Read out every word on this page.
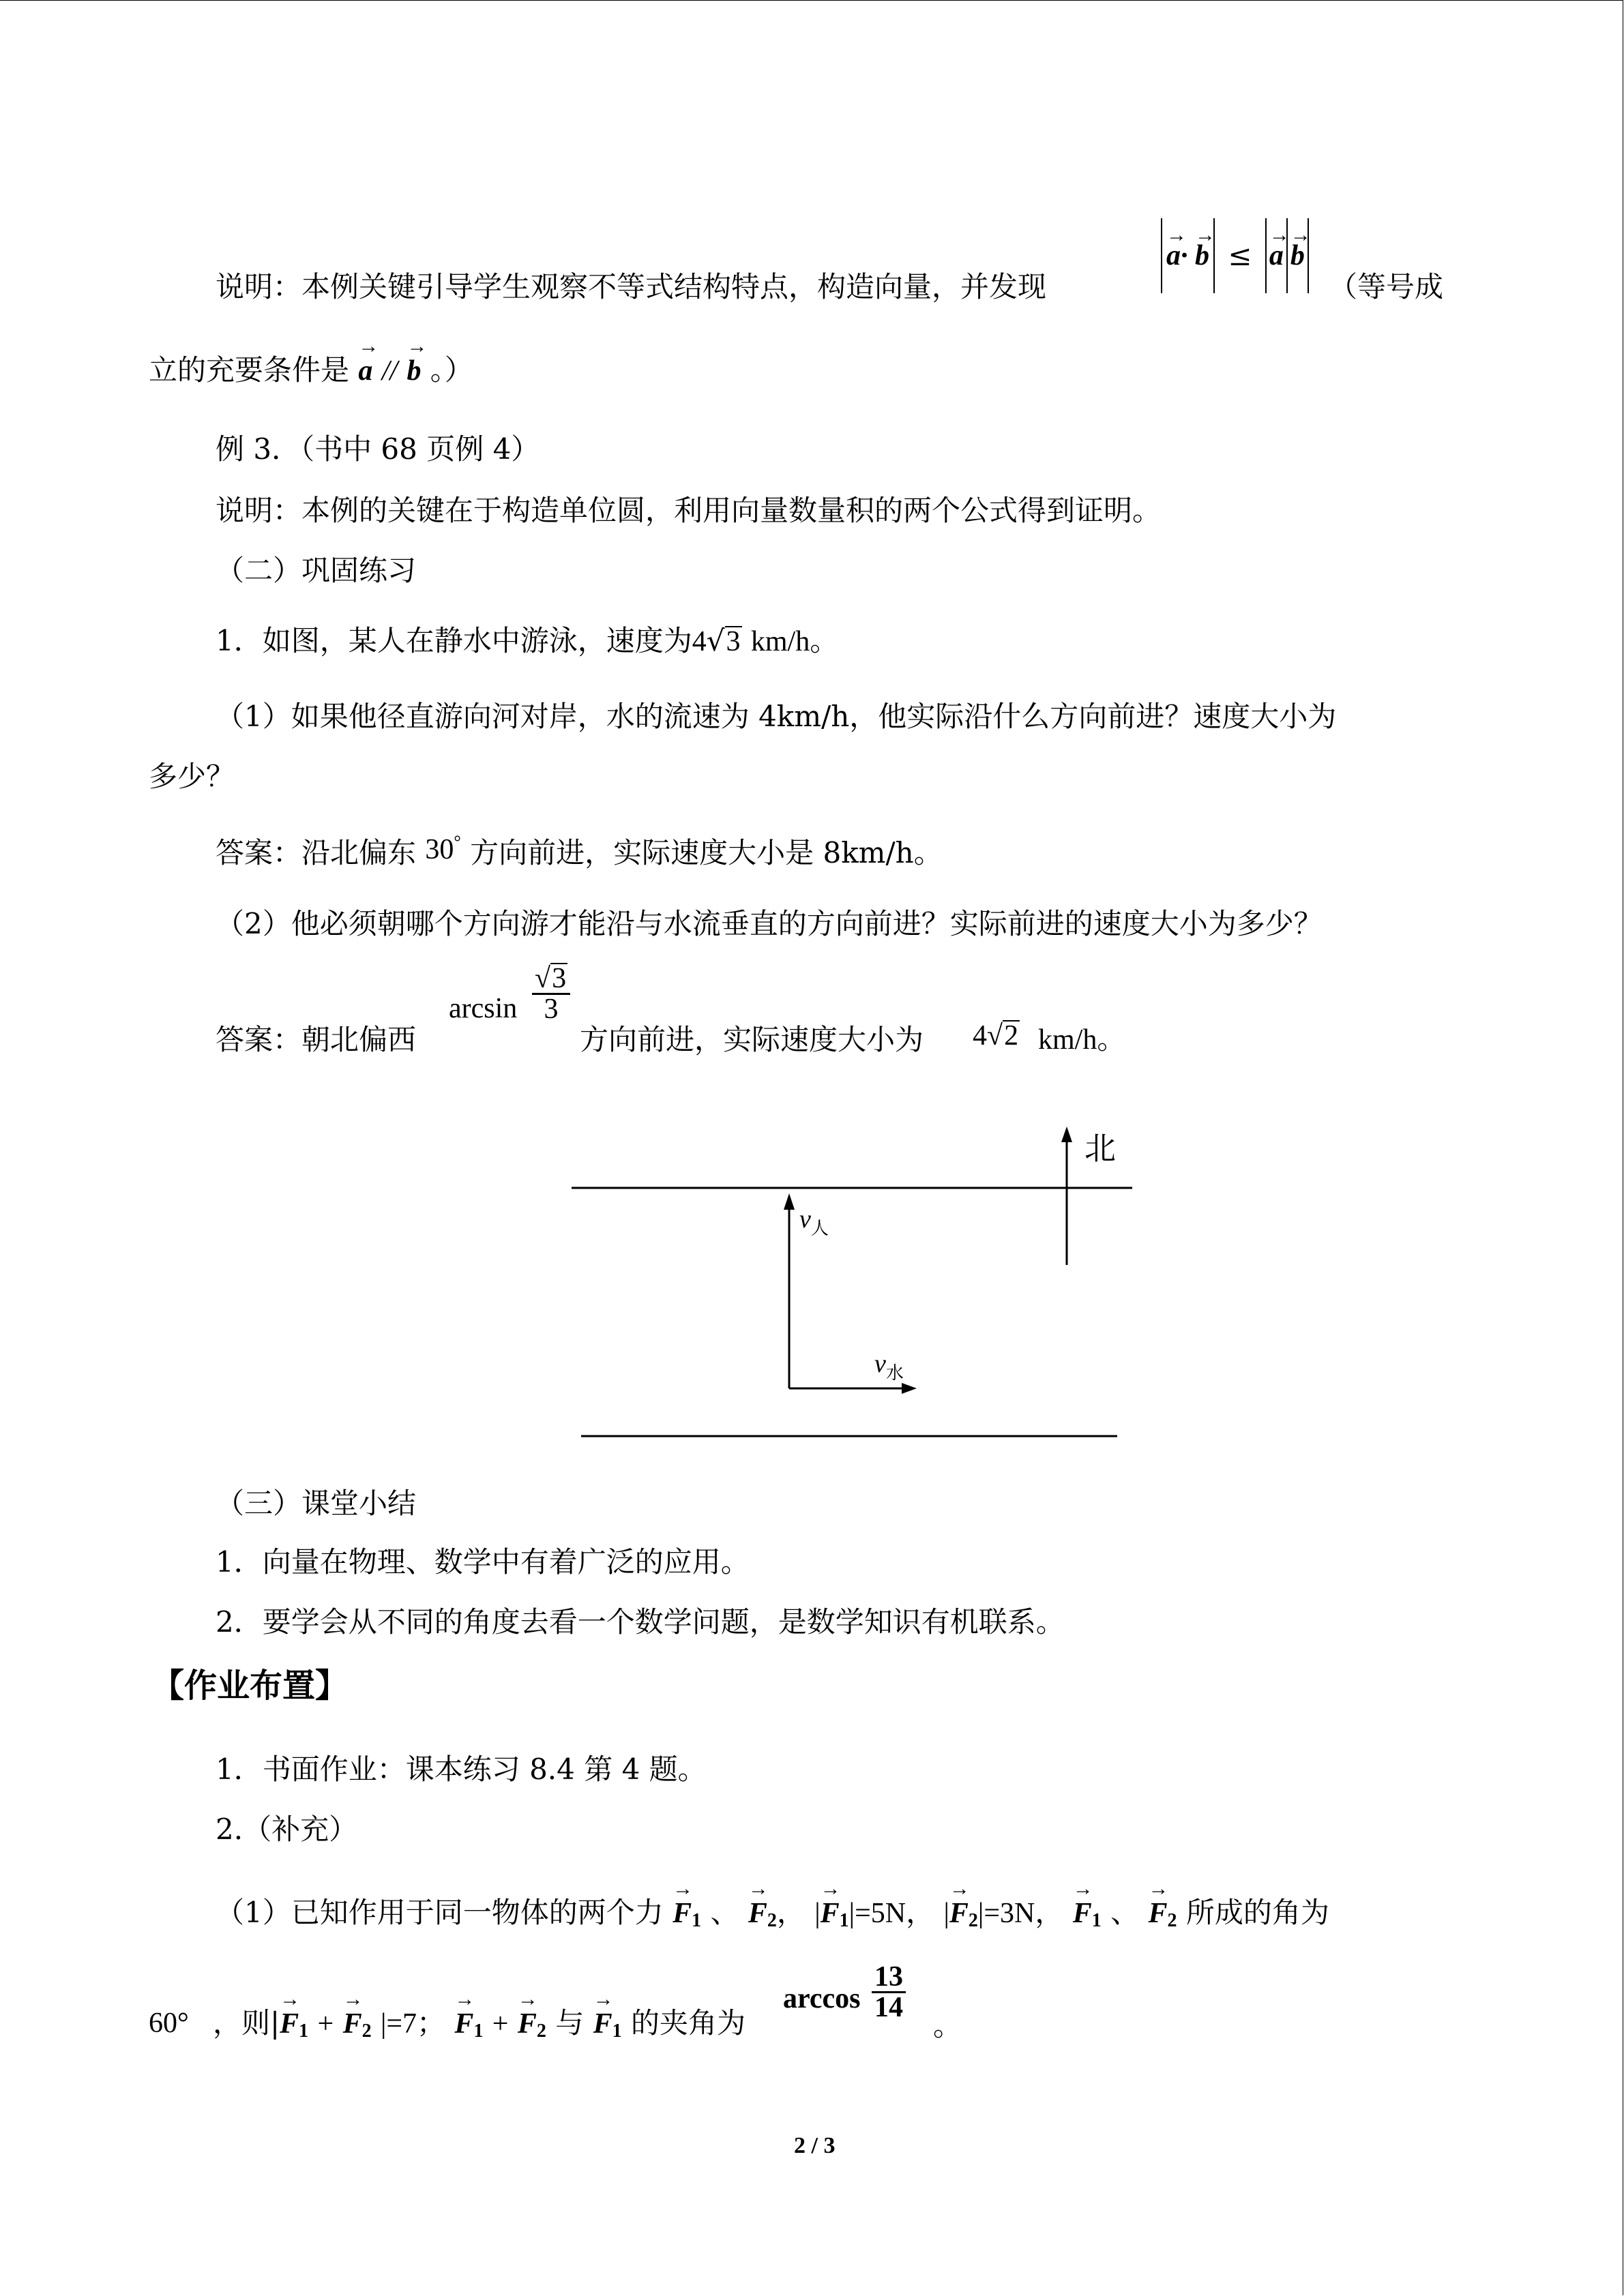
说明：本例关键引导学生观察不等式结构特点，构造向量，并发现
→ a· → b ≤ → a → b
（等号成
立的充要条件是 → a // → b 。）
例 3．（书中 68 页例 4）
说明：本例的关键在于构造单位圆，利用向量数量积的两个公式得到证明。
（二）巩固练习
1．如图，某人在静水中游泳，速度为4√3 km/h。
（1）如果他径直游向河对岸，水的流速为 4km/h，他实际沿什么方向前进？速度大小为
多少？
答案：沿北偏东 30° 方向前进，实际速度大小是 8km/h。
（2）他必须朝哪个方向游才能沿与水流垂直的方向前进？实际前进的速度大小为多少？
答案：朝北偏西
$\arcsin \frac{√3}{3}$
方向前进，实际速度大小为 4√2 km/h。
北
$v_人$
$v_水$
（三）课堂小结
1．向量在物理、数学中有着广泛的应用。
2．要学会从不同的角度去看一个数学问题，是数学知识有机联系。
【作业布置】
1．书面作业：课本练习 8.4 第 4 题。
2.（补充）
（1）已知作用于同一物体的两个力 → $F_1$ 、 → $F_2$， |→ $F_1|=5N$， |→ $F_2|=3N$， → $F_1$ 、 → $F_2$ 所成的角为
60° ，则|→ $F_1$ + → $F_2$ |=7； → $F_1$ + → $F_2$ 与 → $F_1$ 的夹角为
$\arccos \frac{13}{14}$
。
2 / 3
